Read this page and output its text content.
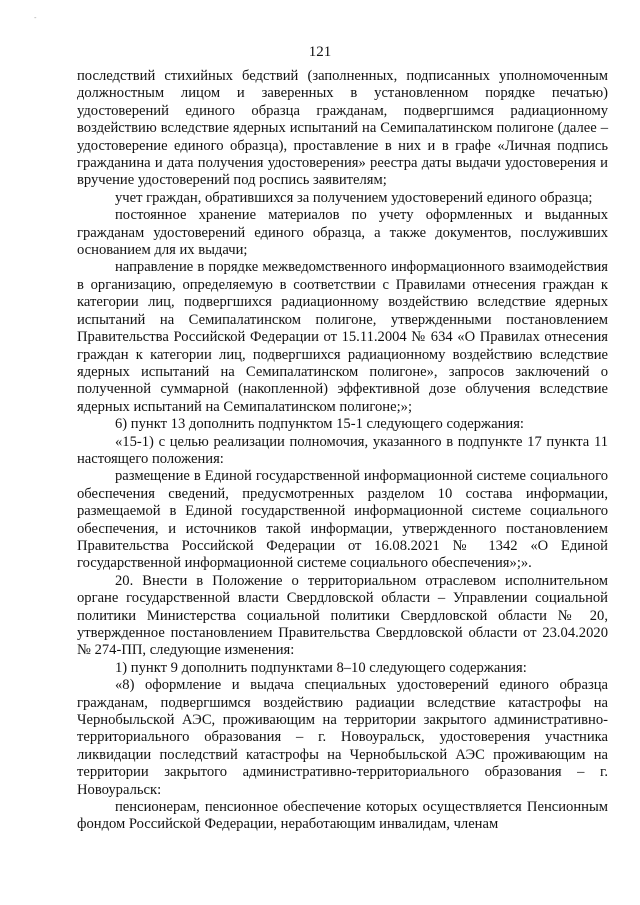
-
121

последствий стихийных бедствий (заполненных, подписанных уполномоченным должностным лицом и заверенных в установленном порядке печатью) удостоверений единого образца гражданам, подвергшимся радиационному воздействию вследствие ядерных испытаний на Семипалатинском полигоне (далее – удостоверение единого образца), проставление в них и в графе «Личная подпись гражданина и дата получения удостоверения» реестра даты выдачи удостоверения и вручение удостоверений под роспись заявителям;

учет граждан, обратившихся за получением удостоверений единого образца;

постоянное хранение материалов по учету оформленных и выданных гражданам удостоверений единого образца, а также документов, послуживших основанием для их выдачи;

направление в порядке межведомственного информационного взаимодействия в организацию, определяемую в соответствии с Правилами отнесения граждан к категории лиц, подвергшихся радиационному воздействию вследствие ядерных испытаний на Семипалатинском полигоне, утвержденными постановлением Правительства Российской Федерации от 15.11.2004 № 634 «О Правилах отнесения граждан к категории лиц, подвергшихся радиационному воздействию вследствие ядерных испытаний на Семипалатинском полигоне», запросов заключений о полученной суммарной (накопленной) эффективной дозе облучения вследствие ядерных испытаний на Семипалатинском полигоне;»;

6) пункт 13 дополнить подпунктом 15-1 следующего содержания:

«15-1) с целью реализации полномочия, указанного в подпункте 17 пункта 11 настоящего положения:

размещение в Единой государственной информационной системе социального обеспечения сведений, предусмотренных разделом 10 состава информации, размещаемой в Единой государственной информационной системе социального обеспечения, и источников такой информации, утвержденного постановлением Правительства Российской Федерации от 16.08.2021 № 1342 «О Единой государственной информационной системе социального обеспечения»;».

20. Внести в Положение о территориальном отраслевом исполнительном органе государственной власти Свердловской области – Управлении социальной политики Министерства социальной политики Свердловской области № 20, утвержденное постановлением Правительства Свердловской области от 23.04.2020 № 274-ПП, следующие изменения:

1) пункт 9 дополнить подпунктами 8–10 следующего содержания:

«8) оформление и выдача специальных удостоверений единого образца гражданам, подвергшимся воздействию радиации вследствие катастрофы на Чернобыльской АЭС, проживающим на территории закрытого административно-территориального образования – г. Новоуральск, удостоверения участника ликвидации последствий катастрофы на Чернобыльской АЭС проживающим на территории закрытого административно-территориального образования – г. Новоуральск:

пенсионерам, пенсионное обеспечение которых осуществляется Пенсионным фондом Российской Федерации, неработающим инвалидам, членам
